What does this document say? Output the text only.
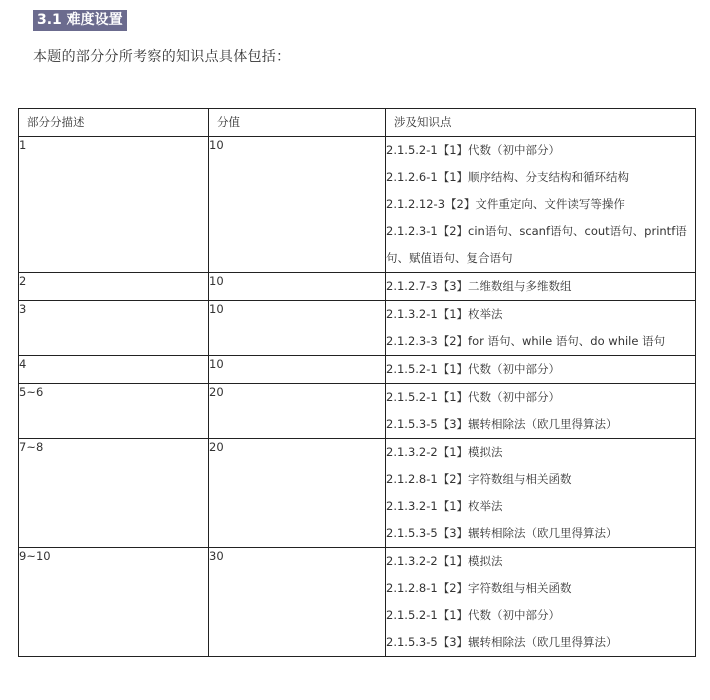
3.1 难度设置
本题的部分分所考察的知识点具体包括：
部分分描述	分值	涉及知识点
1	10	2.1.5.2-1【1】代数（初中部分）
2.1.2.6-1【1】顺序结构、分支结构和循环结构
2.1.2.12-3【2】文件重定向、文件读写等操作
2.1.2.3-1【2】cin语句、scanf语句、cout语句、printf语句、赋值语句、复合语句

2	10	2.1.2.7-3【3】二维数组与多维数组

3	10	2.1.3.2-1【1】枚举法
2.1.2.3-3【2】for 语句、while 语句、do while 语句

4	10	2.1.5.2-1【1】代数（初中部分）

5~6	20	2.1.5.2-1【1】代数（初中部分）
2.1.5.3-5【3】辗转相除法（欧几里得算法）

7~8	20	2.1.3.2-2【1】模拟法
2.1.2.8-1【2】字符数组与相关函数
2.1.3.2-1【1】枚举法
2.1.5.3-5【3】辗转相除法（欧几里得算法）

9~10	30	2.1.3.2-2【1】模拟法
2.1.2.8-1【2】字符数组与相关函数
2.1.5.2-1【1】代数（初中部分）
2.1.5.3-5【3】辗转相除法（欧几里得算法）
